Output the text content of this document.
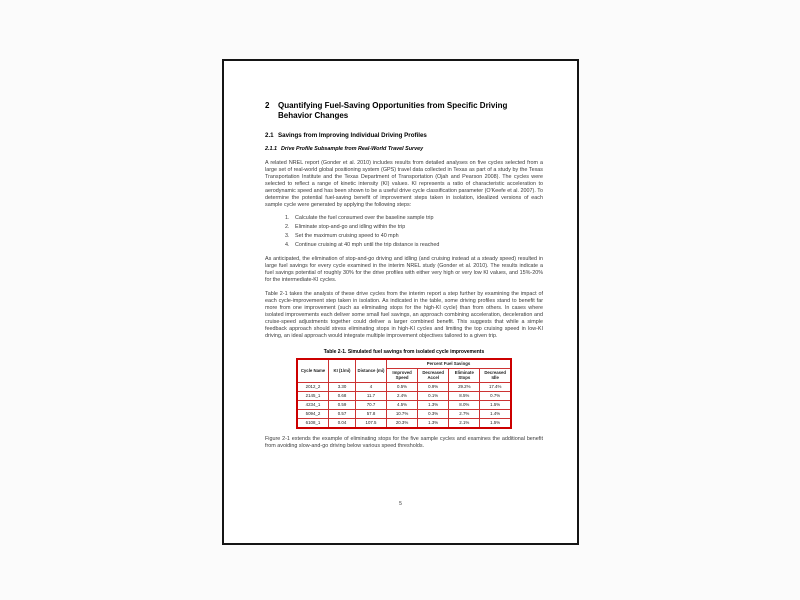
2	Quantifying Fuel-Saving Opportunities from Specific Driving Behavior Changes
2.1 Savings from Improving Individual Driving Profiles
2.1.1 Drive Profile Subsample from Real-World Travel Survey

A related NREL report (Gonder et al. 2010) includes results from detailed analyses on five cycles selected from a large set of real-world global positioning system (GPS) travel data collected in Texas as part of a study by the Texas Transportation Institute and the Texas Department of Transportation (Ojah and Pearson 2008). The cycles were selected to reflect a range of kinetic intensity (KI) values. KI represents a ratio of characteristic acceleration to aerodynamic speed and has been shown to be a useful drive cycle classification parameter (O'Keefe et al. 2007). To determine the potential fuel-saving benefit of improvement steps taken in isolation, idealized versions of each sample cycle were generated by applying the following steps:

1.	Calculate the fuel consumed over the baseline sample trip
2.	Eliminate stop-and-go and idling within the trip
3.	Set the maximum cruising speed to 40 mph
4.	Continue cruising at 40 mph until the trip distance is reached

As anticipated, the elimination of stop-and-go driving and idling (and cruising instead at a steady speed) resulted in large fuel savings for every cycle examined in the interim NREL study (Gonder et al. 2010). The results indicate a fuel savings potential of roughly 30% for the drive profiles with either very high or very low KI values, and 15%-20% for the intermediate-KI cycles.

Table 2-1 takes the analysis of these drive cycles from the interim report a step further by examining the impact of each cycle-improvement step taken in isolation. As indicated in the table, some driving profiles stand to benefit far more from one improvement (such as eliminating stops for the high-KI cycle) than from others. In cases where isolated improvements each deliver some small fuel savings, an approach combining acceleration, deceleration and cruise-speed adjustments together could deliver a larger combined benefit. This suggests that while a simple feedback approach should stress eliminating stops in high-KI cycles and limiting the top cruising speed in low-KI driving, an ideal approach would integrate multiple improvement objectives tailored to a given trip.

Table 2-1. Simulated fuel savings from isolated cycle improvements
Cycle Name	KI (1/mi)	Distance (mi)	Percent Fuel Savings			
			Improved Speed	Decreased Accel	Eliminate Stops	Decreased Idle
2012_2	3.30	4	0.5%	0.9%	29.2%	17.4%
2145_1	0.68	11.7	2.4%	0.1%	8.5%	0.7%
4234_1	0.59	70.7	4.5%	1.3%	8.0%	1.5%
5094_2	0.57	57.8	10.7%	0.3%	2.7%	1.4%
6108_1	0.04	107.5	20.3%	1.3%	2.1%	1.5%

Figure 2-1 extends the example of eliminating stops for the five sample cycles and examines the additional benefit from avoiding slow-and-go driving below various speed thresholds.

5
